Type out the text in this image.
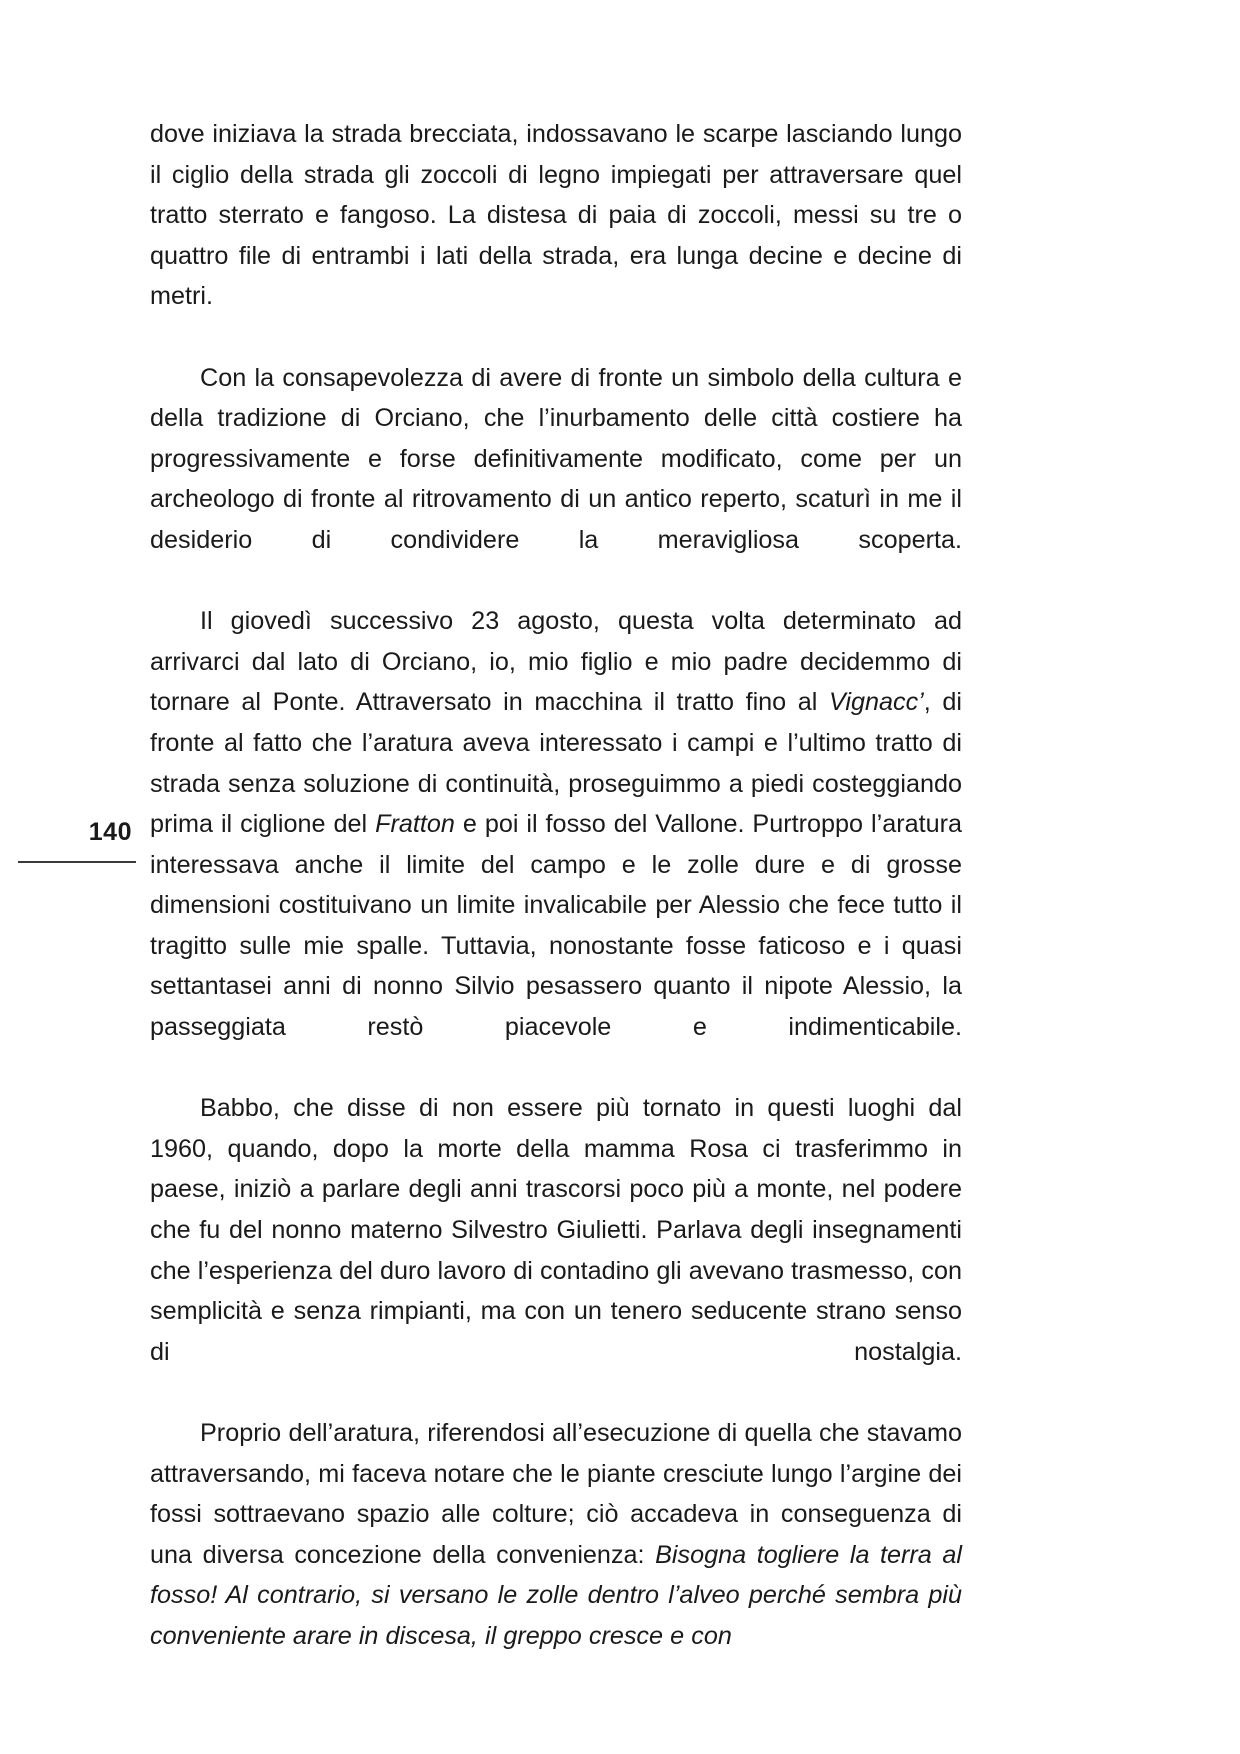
140

dove iniziava la strada brecciata, indossavano le scarpe lasciando lungo il ciglio della strada gli zoccoli di legno impiegati per attraversare quel tratto sterrato e fangoso. La distesa di paia di zoccoli, messi su tre o quattro file di entrambi i lati della strada, era lunga decine e decine di metri.

Con la consapevolezza di avere di fronte un simbolo della cultura e della tradizione di Orciano, che l’inurbamento delle città costiere ha progressivamente e forse definitivamente modificato, come per un archeologo di fronte al ritrovamento di un antico reperto, scaturì in me il desiderio di condividere la meravigliosa scoperta.

Il giovedì successivo 23 agosto, questa volta determinato ad arrivarci dal lato di Orciano, io, mio figlio e mio padre decidemmo di tornare al Ponte. Attraversato in macchina il tratto fino al Vignacc’, di fronte al fatto che l’aratura aveva interessato i campi e l’ultimo tratto di strada senza soluzione di continuità, proseguimmo a piedi costeggiando prima il ciglione del Fratton e poi il fosso del Vallone. Purtroppo l’aratura interessava anche il limite del campo e le zolle dure e di grosse dimensioni costituivano un limite invalicabile per Alessio che fece tutto il tragitto sulle mie spalle. Tuttavia, nonostante fosse faticoso e i quasi settantasei anni di nonno Silvio pesassero quanto il nipote Alessio, la passeggiata restò piacevole e indimenticabile.

Babbo, che disse di non essere più tornato in questi luoghi dal 1960, quando, dopo la morte della mamma Rosa ci trasferimmo in paese, iniziò a parlare degli anni trascorsi poco più a monte, nel podere che fu del nonno materno Silvestro Giulietti. Parlava degli insegnamenti che l’esperienza del duro lavoro di contadino gli avevano trasmesso, con semplicità e senza rimpianti, ma con un tenero seducente strano senso di nostalgia.

Proprio dell’aratura, riferendosi all’esecuzione di quella che stavamo attraversando, mi faceva notare che le piante cresciute lungo l’argine dei fossi sottraevano spazio alle colture; ciò accadeva in conseguenza di una diversa concezione della convenienza: Bisogna togliere la terra al fosso! Al contrario, si versano le zolle dentro l’alveo perché sembra più conveniente arare in discesa, il greppo cresce e con
